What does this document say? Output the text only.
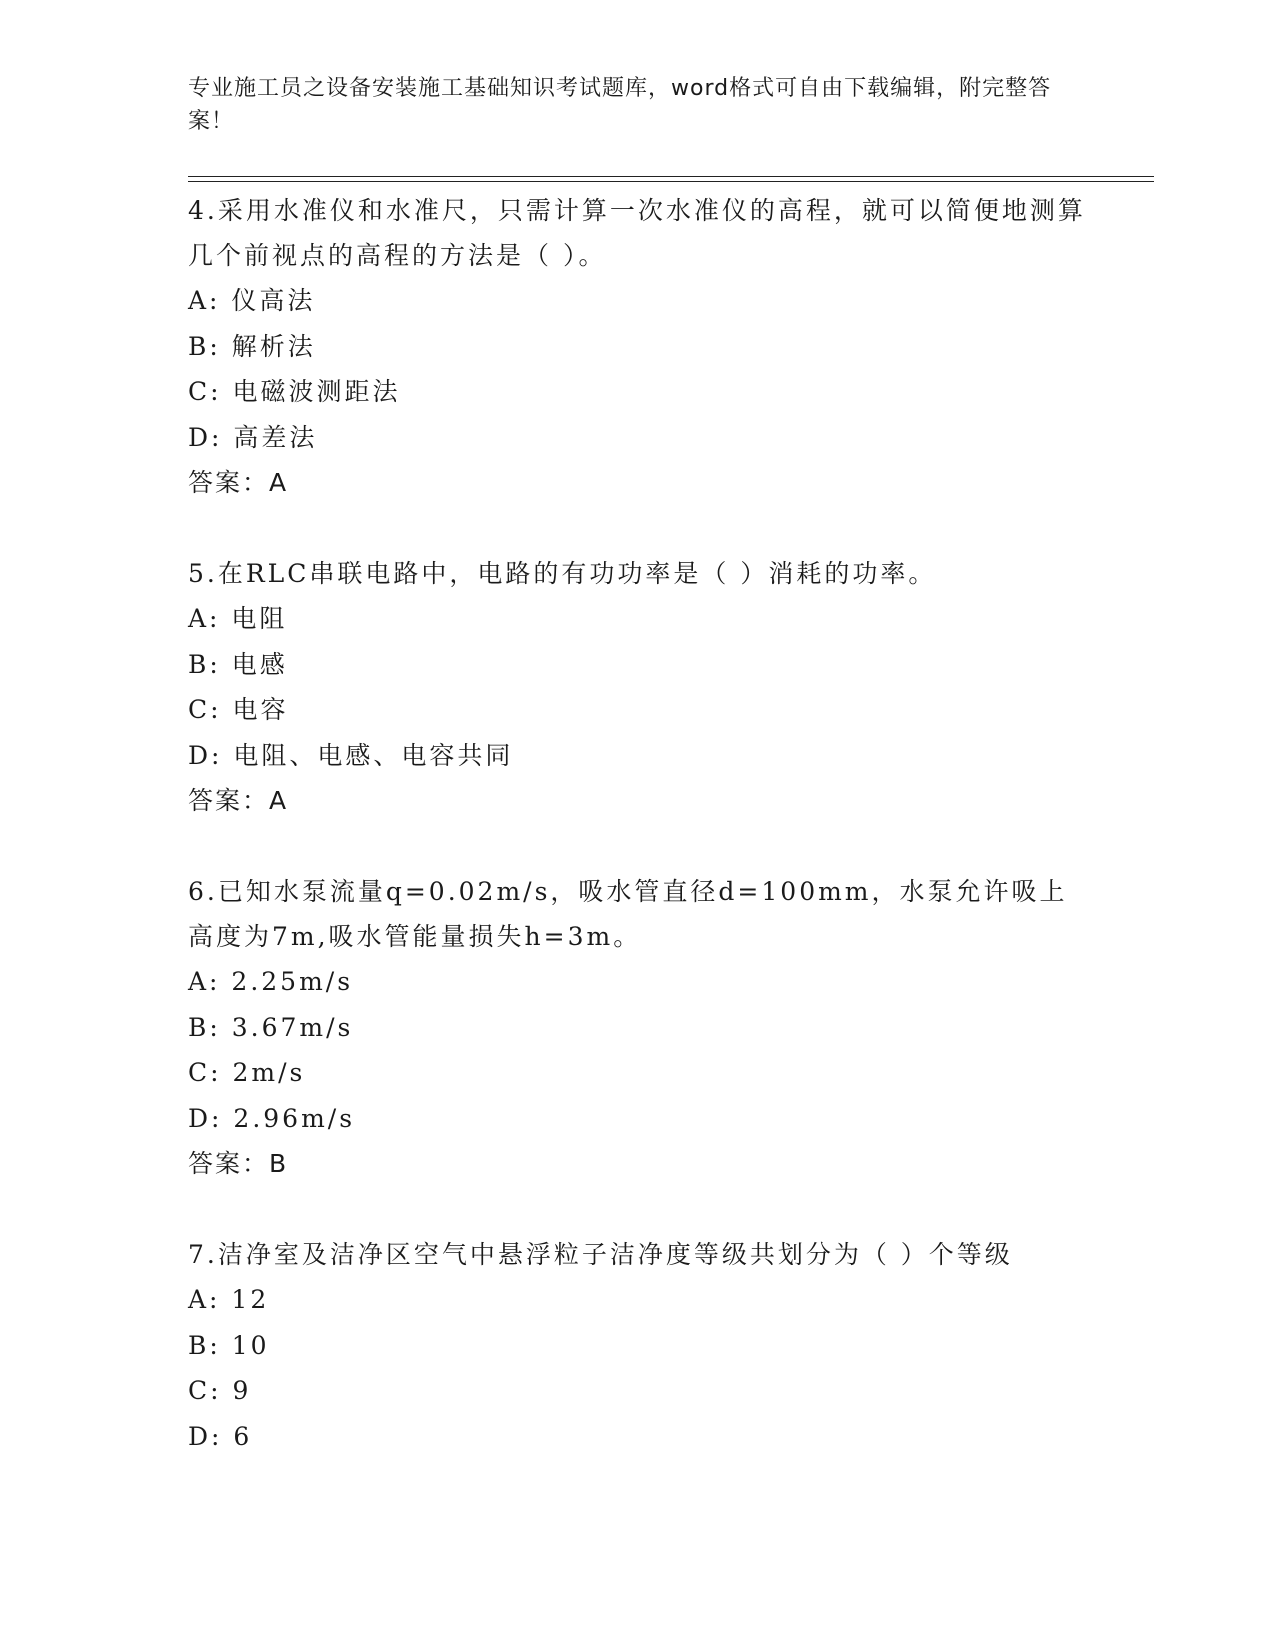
专业施工员之设备安装施工基础知识考试题库，word格式可自由下载编辑，附完整答案！

4.采用水准仪和水准尺，只需计算一次水准仪的高程，就可以简便地测算几个前视点的高程的方法是（ ）。

A: 仪高法

B: 解析法

C: 电磁波测距法

D: 高差法

答案：A

5.在RLC串联电路中，电路的有功功率是（ ）消耗的功率。

A: 电阻

B: 电感

C: 电容

D: 电阻、电感、电容共同

答案：A

6.已知水泵流量q=0.02m/s，吸水管直径d=100mm，水泵允许吸上高度为7m,吸水管能量损失h=3m。

A: 2.25m/s

B: 3.67m/s

C: 2m/s

D: 2.96m/s

答案：B

7.洁净室及洁净区空气中悬浮粒子洁净度等级共划分为（ ）个等级

A: 12

B: 10

C: 9

D: 6
